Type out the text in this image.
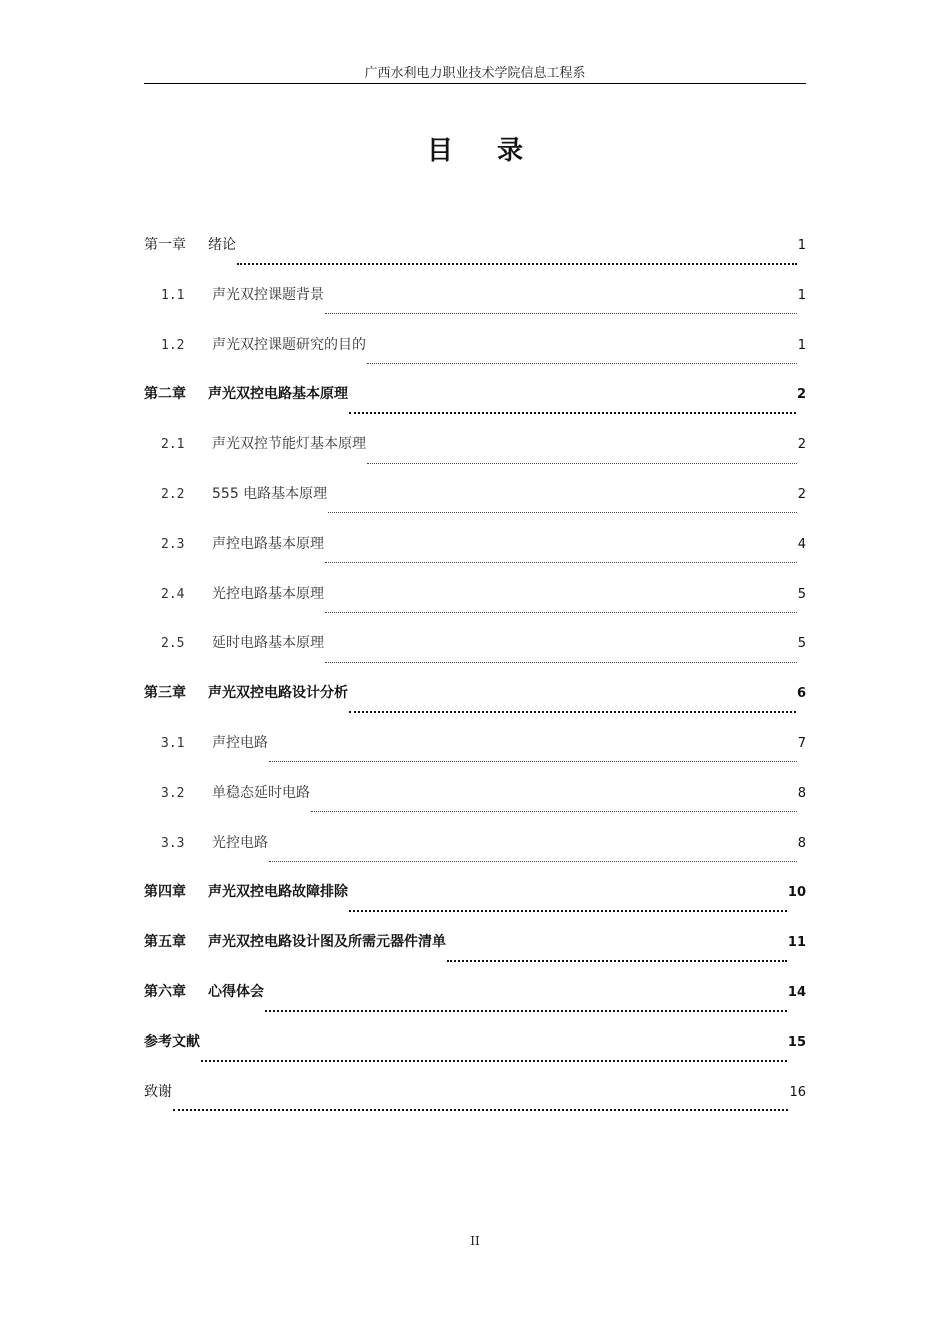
广西水利电力职业技术学院信息工程系
目录
第一章	绪论	1
1.1	声光双控课题背景	1
1.2	声光双控课题研究的目的	1
第二章	声光双控电路基本原理	2
2.1	声光双控节能灯基本原理	2
2.2	555 电路基本原理	2
2.3	声控电路基本原理	4
2.4	光控电路基本原理	5
2.5	延时电路基本原理	5
第三章	声光双控电路设计分析	6
3.1	声控电路	7
3.2	单稳态延时电路	8
3.3	光控电路	8
第四章	声光双控电路故障排除	10
第五章	声光双控电路设计图及所需元器件清单	11
第六章	心得体会	14
参考文献	15
致谢	16
II
